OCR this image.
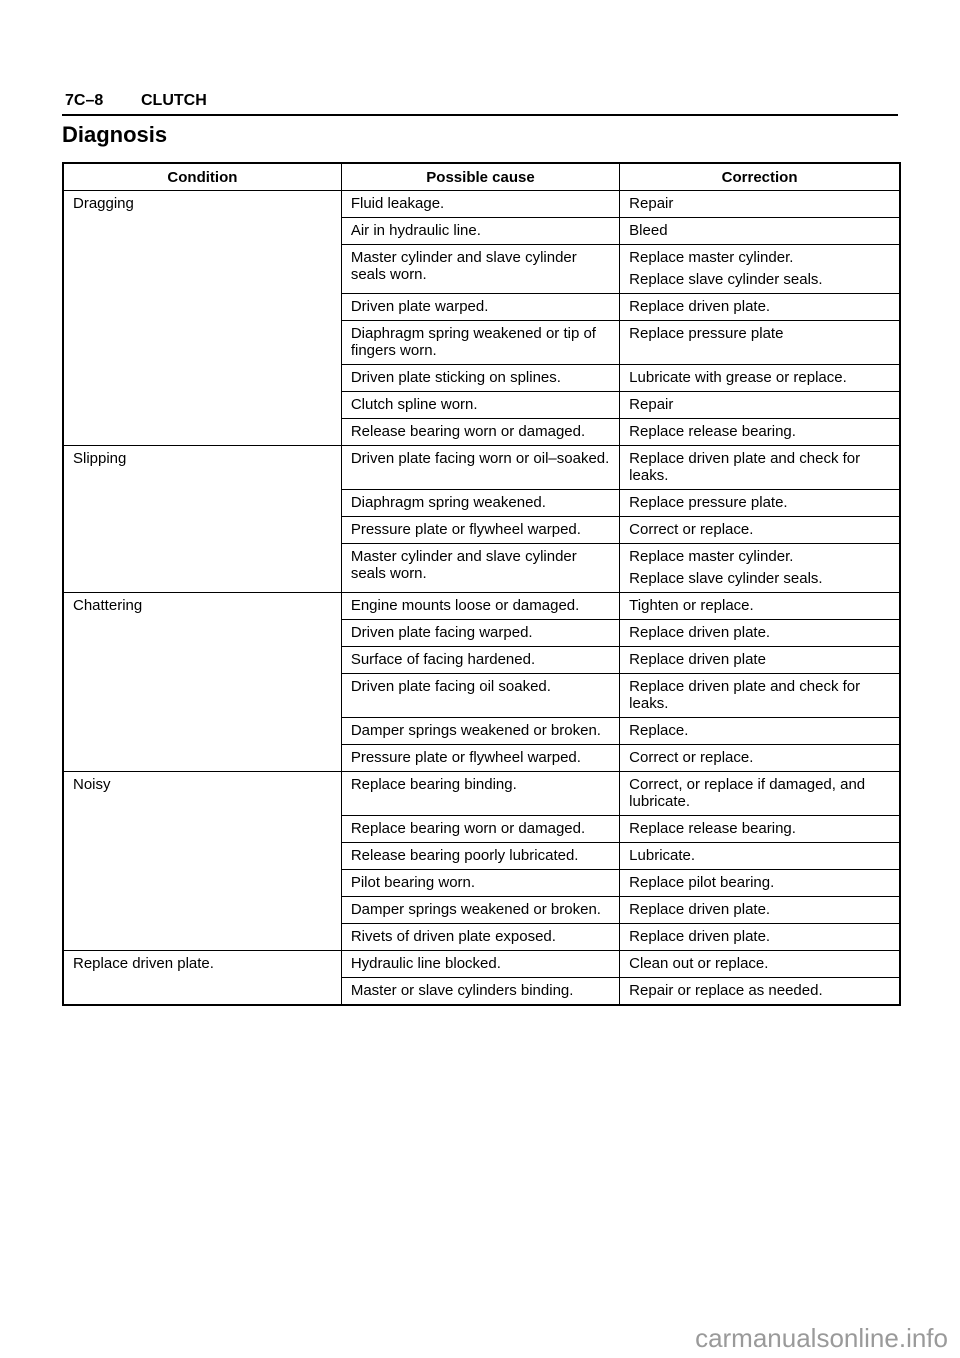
7C–8 CLUTCH
Diagnosis
Condition	Possible cause	Correction
Dragging	Fluid leakage.	Repair

	Air in hydraulic line.	Bleed

	Master cylinder and slave cylinder seals worn.	Replace master cylinder.
Replace slave cylinder seals.

	Driven plate warped.	Replace driven plate.

	Diaphragm spring weakened or tip of fingers worn.	Replace pressure plate

	Driven plate sticking on splines.	Lubricate with grease or replace.

	Clutch spline worn.	Repair

	Release bearing worn or damaged.	Replace release bearing.

Slipping	Driven plate facing worn or oil–soaked.	Replace driven plate and check for leaks.

	Diaphragm spring weakened.	Replace pressure plate.

	Pressure plate or flywheel warped.	Correct or replace.

	Master cylinder and slave cylinder seals worn.	Replace master cylinder.
Replace slave cylinder seals.

Chattering	Engine mounts loose or damaged.	Tighten or replace.

	Driven plate facing warped.	Replace driven plate.

	Surface of facing hardened.	Replace driven plate

	Driven plate facing oil soaked.	Replace driven plate and check for leaks.

	Damper springs weakened or broken.	Replace.

	Pressure plate or flywheel warped.	Correct or replace.

Noisy	Replace bearing binding.	Correct, or replace if damaged, and lubricate.

	Replace bearing worn or damaged.	Replace release bearing.

	Release bearing poorly lubricated.	Lubricate.

	Pilot bearing worn.	Replace pilot bearing.

	Damper springs weakened or broken.	Replace driven plate.

	Rivets of driven plate exposed.	Replace driven plate.

Replace driven plate.	Hydraulic line blocked.	Clean out or replace.

	Master or slave cylinders binding.	Repair or replace as needed.
carmanualsonline.info
